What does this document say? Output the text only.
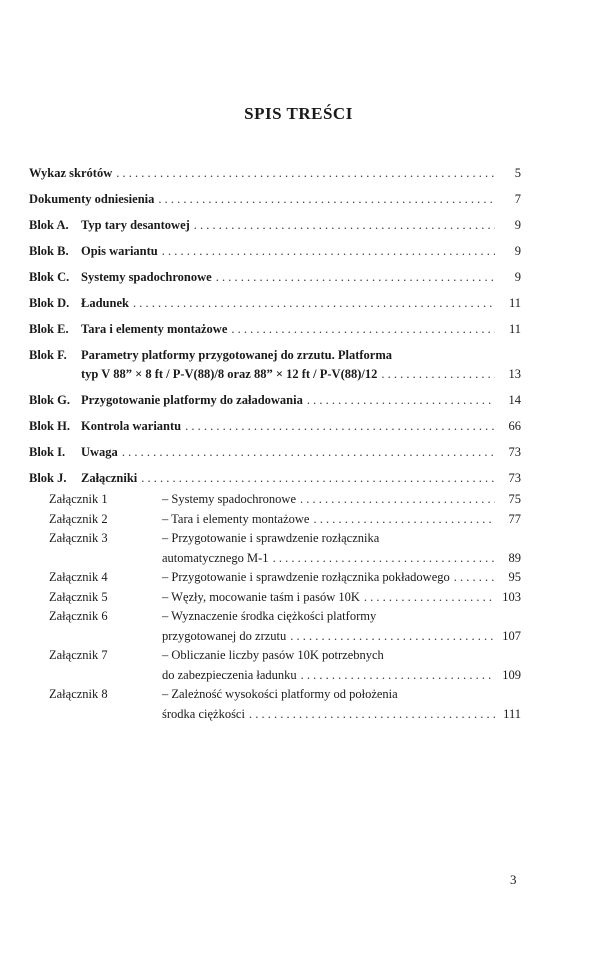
SPIS TREŚCI
Wykaz skrótów . . .	5
Dokumenty odniesienia . . .	7
Blok A. Typ tary desantowej . . .	9
Blok B. Opis wariantu . . .	9
Blok C. Systemy spadochronowe . . .	9
Blok D. Ładunek . . .	11
Blok E. Tara i elementy montażowe . . .	11
Blok F. Parametry platformy przygotowanej do zrzutu. Platforma
typ V 88” × 8 ft / P-V(88)/8 oraz 88” × 12 ft / P-V(88)/12 . . .	13
Blok G. Przygotowanie platformy do załadowania . . .	14
Blok H. Kontrola wariantu . . .	66
Blok I. Uwaga . . .	73
Blok J. Załączniki . . .	73
Załącznik 1	– Systemy spadochronowe . . .	75
Załącznik 2	– Tara i elementy montażowe . . .	77
Załącznik 3	– Przygotowanie i sprawdzenie rozłącznika
automatycznego M-1 . . .	89
Załącznik 4	– Przygotowanie i sprawdzenie rozłącznika pokładowego . . .	95
Załącznik 5	– Węzły, mocowanie taśm i pasów 10K . . .	103
Załącznik 6	– Wyznaczenie środka ciężkości platformy
przygotowanej do zrzutu . . .	107
Załącznik 7	– Obliczanie liczby pasów 10K potrzebnych
do zabezpieczenia ładunku . . .	109
Załącznik 8	– Zależność wysokości platformy od położenia
środka ciężkości . . .	111
3
